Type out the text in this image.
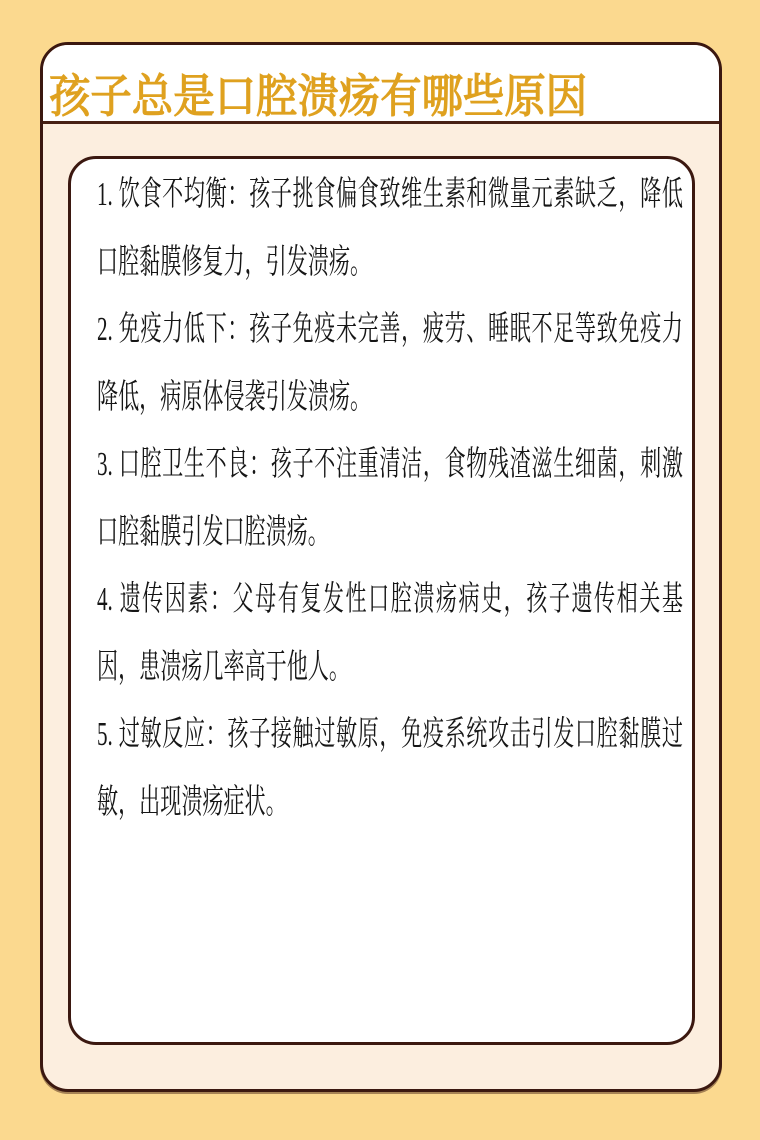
孩子总是口腔溃疡有哪些原因

1. 饮食不均衡：孩子挑食偏食致维生素和微量元素缺乏，降低口腔黏膜修复力，引发溃疡。

2. 免疫力低下：孩子免疫未完善，疲劳、睡眠不足等致免疫力降低，病原体侵袭引发溃疡。

3. 口腔卫生不良：孩子不注重清洁，食物残渣滋生细菌，刺激口腔黏膜引发口腔溃疡。

4. 遗传因素：父母有复发性口腔溃疡病史，孩子遗传相关基因，患溃疡几率高于他人。

5. 过敏反应：孩子接触过敏原，免疫系统攻击引发口腔黏膜过敏，出现溃疡症状。
